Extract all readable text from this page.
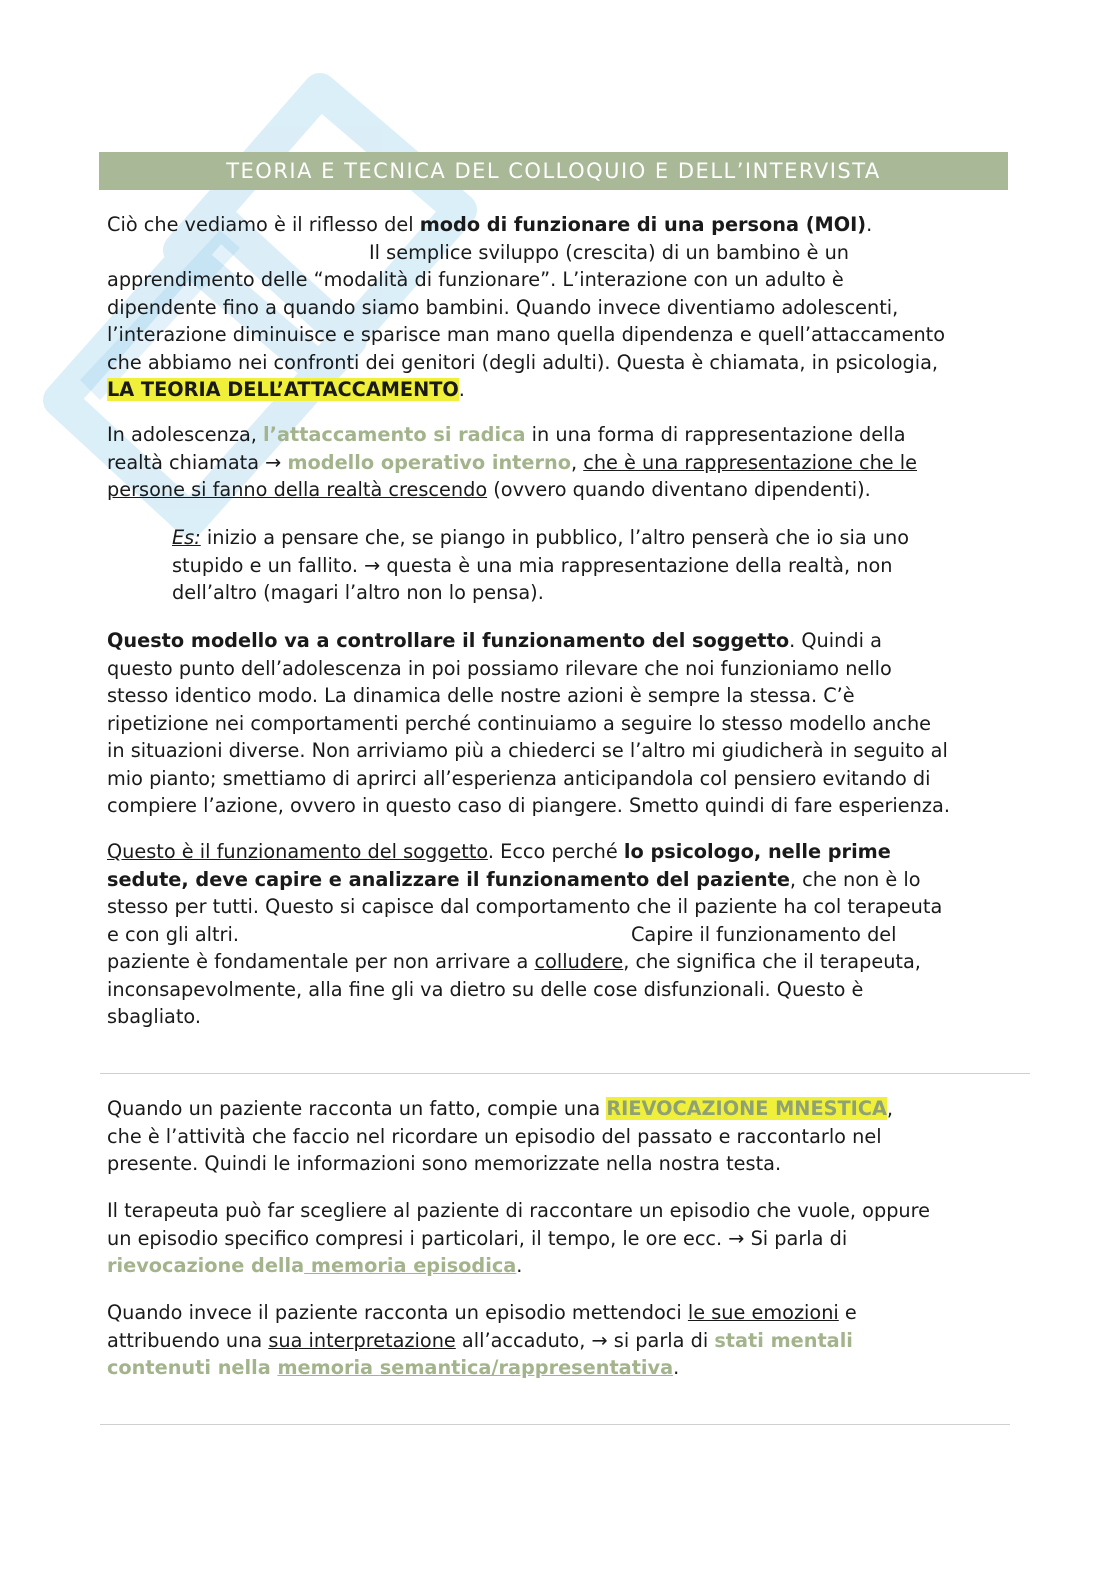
TEORIA E TECNICA DEL COLLOQUIO E DELL’INTERVISTA

Ciò che vediamo è il riflesso del modo di funzionare di una persona (MOI).
Il semplice sviluppo (crescita) di un bambino è un
apprendimento delle “modalità di funzionare”. L’interazione con un adulto è
dipendente fino a quando siamo bambini. Quando invece diventiamo adolescenti,
l’interazione diminuisce e sparisce man mano quella dipendenza e quell’attaccamento
che abbiamo nei confronti dei genitori (degli adulti). Questa è chiamata, in psicologia,
LA TEORIA DELL’ATTACCAMENTO.

In adolescenza, l’attaccamento si radica in una forma di rappresentazione della
realtà chiamata → modello operativo interno, che è una rappresentazione che le
persone si fanno della realtà crescendo (ovvero quando diventano dipendenti).

Es: inizio a pensare che, se piango in pubblico, l’altro penserà che io sia uno
stupido e un fallito. → questa è una mia rappresentazione della realtà, non
dell’altro (magari l’altro non lo pensa).

Questo modello va a controllare il funzionamento del soggetto. Quindi a
questo punto dell’adolescenza in poi possiamo rilevare che noi funzioniamo nello
stesso identico modo. La dinamica delle nostre azioni è sempre la stessa. C’è
ripetizione nei comportamenti perché continuiamo a seguire lo stesso modello anche
in situazioni diverse. Non arriviamo più a chiederci se l’altro mi giudicherà in seguito al
mio pianto; smettiamo di aprirci all’esperienza anticipandola col pensiero evitando di
compiere l’azione, ovvero in questo caso di piangere. Smetto quindi di fare esperienza.

Questo è il funzionamento del soggetto. Ecco perché lo psicologo, nelle prime
sedute, deve capire e analizzare il funzionamento del paziente, che non è lo
stesso per tutti. Questo si capisce dal comportamento che il paziente ha col terapeuta
e con gli altri.	Capire il funzionamento del
paziente è fondamentale per non arrivare a colludere, che significa che il terapeuta,
inconsapevolmente, alla fine gli va dietro su delle cose disfunzionali. Questo è
sbagliato.

Quando un paziente racconta un fatto, compie una RIEVOCAZIONE MNESTICA,
che è l’attività che faccio nel ricordare un episodio del passato e raccontarlo nel
presente. Quindi le informazioni sono memorizzate nella nostra testa.

Il terapeuta può far scegliere al paziente di raccontare un episodio che vuole, oppure
un episodio specifico compresi i particolari, il tempo, le ore ecc. → Si parla di
rievocazione della memoria episodica.

Quando invece il paziente racconta un episodio mettendoci le sue emozioni e
attribuendo una sua interpretazione all’accaduto, → si parla di stati mentali
contenuti nella memoria semantica/rappresentativa.
